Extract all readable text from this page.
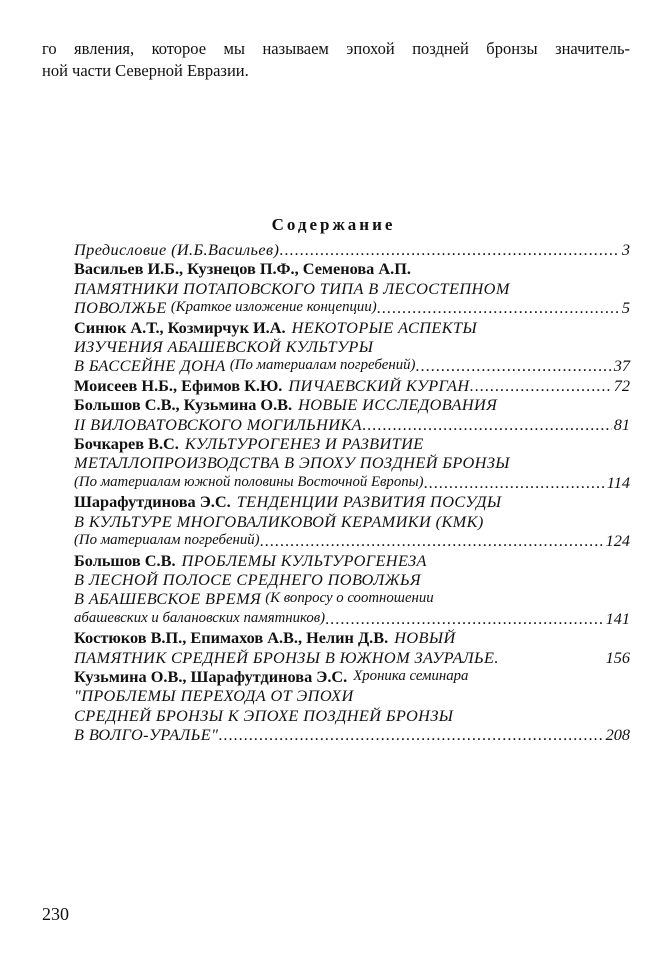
го явления, которое мы называем эпохой поздней бронзы значитель-

ной части Северной Евразии.

Содержание
Предисловие (И.Б.Васильев) .....	3
Васильев И.Б., Кузнецов П.Ф., Семенова А.П.
ПАМЯТНИКИ ПОТАПОВСКОГО ТИПА В ЛЕСОСТЕПНОМ
ПОВОЛЖЬЕ
(Краткое изложение концепции) .....	5
Синюк А.Т., Козмирчук И.А. НЕКОТОРЫЕ АСПЕКТЫ
ИЗУЧЕНИЯ АБАШЕВСКОЙ КУЛЬТУРЫ
В БАССЕЙНЕ ДОНА
(По материалам погребений) .....	37
Моисеев Н.Б., Ефимов К.Ю. ПИЧАЕВСКИЙ КУРГАН .....	72
Большов С.В., Кузьмина О.В. НОВЫЕ ИССЛЕДОВАНИЯ
II ВИЛОВАТОВСКОГО МОГИЛЬНИКА .....	81
Бочкарев В.С. КУЛЬТУРОГЕНЕЗ И РАЗВИТИЕ
МЕТАЛЛОПРОИЗВОДСТВА В ЭПОХУ ПОЗДНЕЙ БРОНЗЫ
(По материалам южной половины Восточной Европы) .....	114
Шарафутдинова Э.С. ТЕНДЕНЦИИ РАЗВИТИЯ ПОСУДЫ
В КУЛЬТУРЕ МНОГОВАЛИКОВОЙ КЕРАМИКИ (КМК)
(По материалам погребений) .....	124
Большов С.В. ПРОБЛЕМЫ КУЛЬТУРОГЕНЕЗА
В ЛЕСНОЙ ПОЛОСЕ СРЕДНЕГО ПОВОЛЖЬЯ
В АБАШЕВСКОЕ ВРЕМЯ
(К вопросу о соотношении
абашевских и балановских памятников) .....	141
Костюков В.П., Епимахов А.В., Нелин Д.В. НОВЫЙ
ПАМЯТНИК СРЕДНЕЙ БРОНЗЫ В ЮЖНОМ ЗАУРАЛЬЕ.	156
Кузьмина О.В., Шарафутдинова Э.С. Хроника семинара
"ПРОБЛЕМЫ ПЕРЕХОДА ОТ ЭПОХИ
СРЕДНЕЙ БРОНЗЫ К ЭПОХЕ ПОЗДНЕЙ БРОНЗЫ
В ВОЛГО-УРАЛЬЕ" .....	208
230
